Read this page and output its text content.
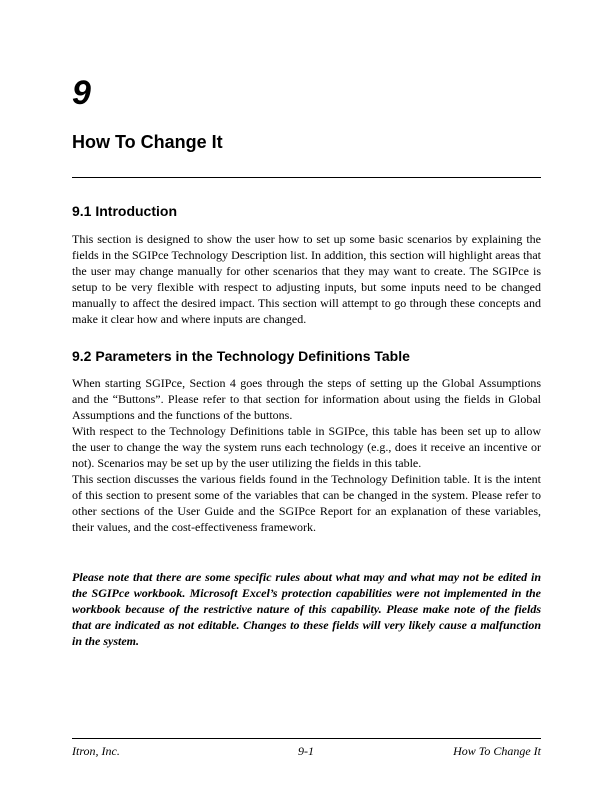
9
How To Change It
9.1 Introduction

This section is designed to show the user how to set up some basic scenarios by explaining the fields in the SGIPce Technology Description list. In addition, this section will highlight areas that the user may change manually for other scenarios that they may want to create. The SGIPce is setup to be very flexible with respect to adjusting inputs, but some inputs need to be changed manually to affect the desired impact. This section will attempt to go through these concepts and make it clear how and where inputs are changed.

9.2 Parameters in the Technology Definitions Table

When starting SGIPce, Section 4 goes through the steps of setting up the Global Assumptions and the “Buttons”. Please refer to that section for information about using the fields in Global Assumptions and the functions of the buttons.

With respect to the Technology Definitions table in SGIPce, this table has been set up to allow the user to change the way the system runs each technology (e.g., does it receive an incentive or not). Scenarios may be set up by the user utilizing the fields in this table.

This section discusses the various fields found in the Technology Definition table. It is the intent of this section to present some of the variables that can be changed in the system. Please refer to other sections of the User Guide and the SGIPce Report for an explanation of these variables, their values, and the cost-effectiveness framework.

Please note that there are some specific rules about what may and what may not be edited in the SGIPce workbook. Microsoft Excel’s protection capabilities were not implemented in the workbook because of the restrictive nature of this capability. Please make note of the fields that are indicated as not editable. Changes to these fields will very likely cause a malfunction in the system.

Itron, Inc.	9-1	How To Change It
